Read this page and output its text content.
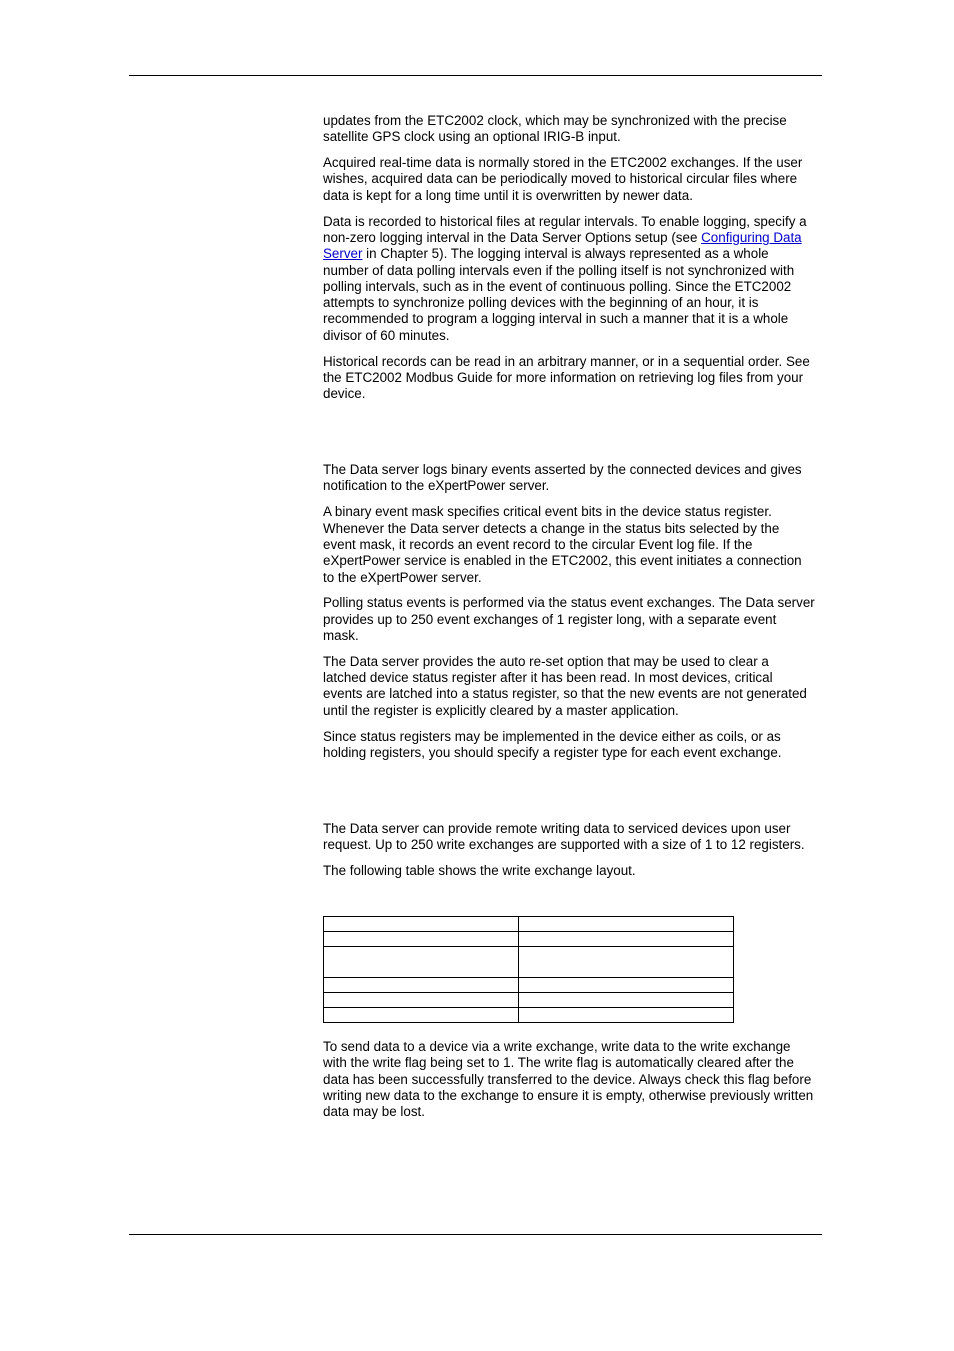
updates from the ETC2002 clock, which may be synchronized with the precise satellite GPS clock using an optional IRIG-B input.

Acquired real-time data is normally stored in the ETC2002 exchanges. If the user wishes, acquired data can be periodically moved to historical circular files where data is kept for a long time until it is overwritten by newer data.

Data is recorded to historical files at regular intervals. To enable logging, specify a non-zero logging interval in the Data Server Options setup (see Configuring Data Server in Chapter 5). The logging interval is always represented as a whole number of data polling intervals even if the polling itself is not synchronized with polling intervals, such as in the event of continuous polling. Since the ETC2002 attempts to synchronize polling devices with the beginning of an hour, it is recommended to program a logging interval in such a manner that it is a whole divisor of 60 minutes.

Historical records can be read in an arbitrary manner, or in a sequential order. See the ETC2002 Modbus Guide for more information on retrieving log files from your device.

The Data server logs binary events asserted by the connected devices and gives notification to the eXpertPower server.

A binary event mask specifies critical event bits in the device status register. Whenever the Data server detects a change in the status bits selected by the event mask, it records an event record to the circular Event log file. If the eXpertPower service is enabled in the ETC2002, this event initiates a connection to the eXpertPower server.

Polling status events is performed via the status event exchanges. The Data server provides up to 250 event exchanges of 1 register long, with a separate event mask.

The Data server provides the auto re-set option that may be used to clear a latched device status register after it has been read. In most devices, critical events are latched into a status register, so that the new events are not generated until the register is explicitly cleared by a master application.

Since status registers may be implemented in the device either as coils, or as holding registers, you should specify a register type for each event exchange.

The Data server can provide remote writing data to serviced devices upon user request. Up to 250 write exchanges are supported with a size of 1 to 12 registers.

The following table shows the write exchange layout.

To send data to a device via a write exchange, write data to the write exchange with the write flag being set to 1. The write flag is automatically cleared after the data has been successfully transferred to the device. Always check this flag before writing new data to the exchange to ensure it is empty, otherwise previously written data may be lost.
